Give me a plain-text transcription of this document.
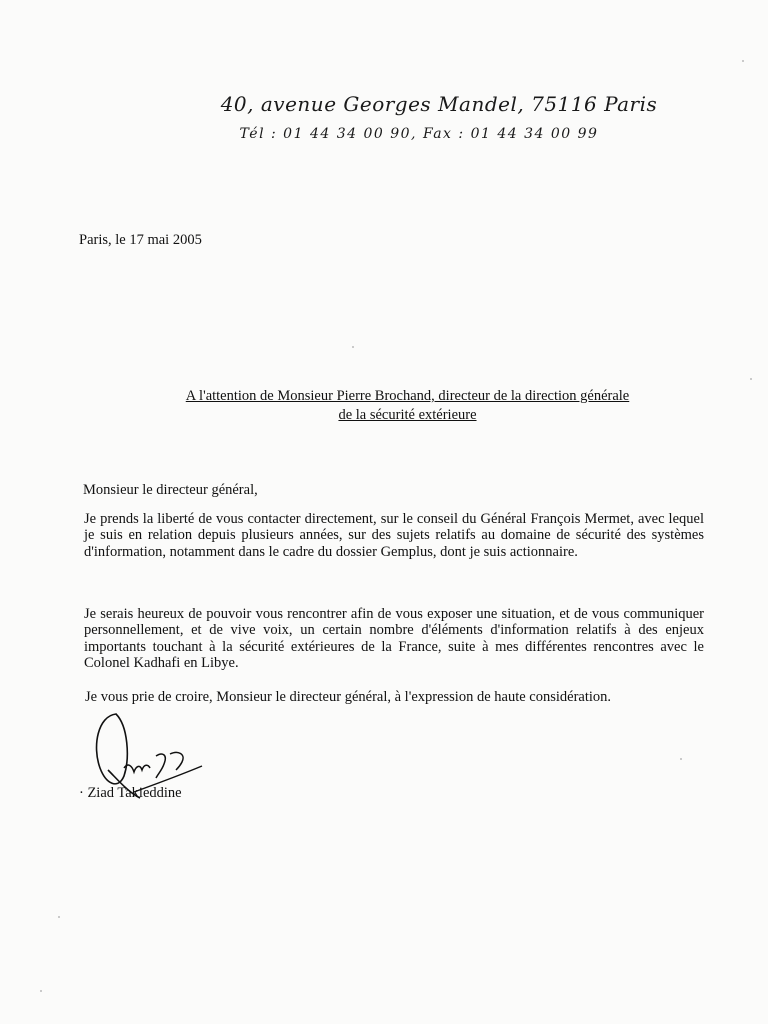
40, avenue Georges Mandel, 75116 Paris
Tél : 01 44 34 00 90, Fax : 01 44 34 00 99
Paris, le 17 mai 2005
A l'attention de Monsieur Pierre Brochand, directeur de la direction générale
de la sécurité extérieure
Monsieur le directeur général,
Je prends la liberté de vous contacter directement, sur le conseil du Général François Mermet, avec lequel je suis en relation depuis plusieurs années, sur des sujets relatifs au domaine de sécurité des systèmes d'information, notamment dans le cadre du dossier Gemplus, dont je suis actionnaire.
Je serais heureux de pouvoir vous rencontrer afin de vous exposer une situation, et de vous communiquer personnellement, et de vive voix, un certain nombre d'éléments d'information relatifs à des enjeux importants touchant à la sécurité extérieures de la France, suite à mes différentes rencontres avec le Colonel Kadhafi en Libye.
Je vous prie de croire, Monsieur le directeur général, à l'expression de haute considération.
· Ziad Takieddine
